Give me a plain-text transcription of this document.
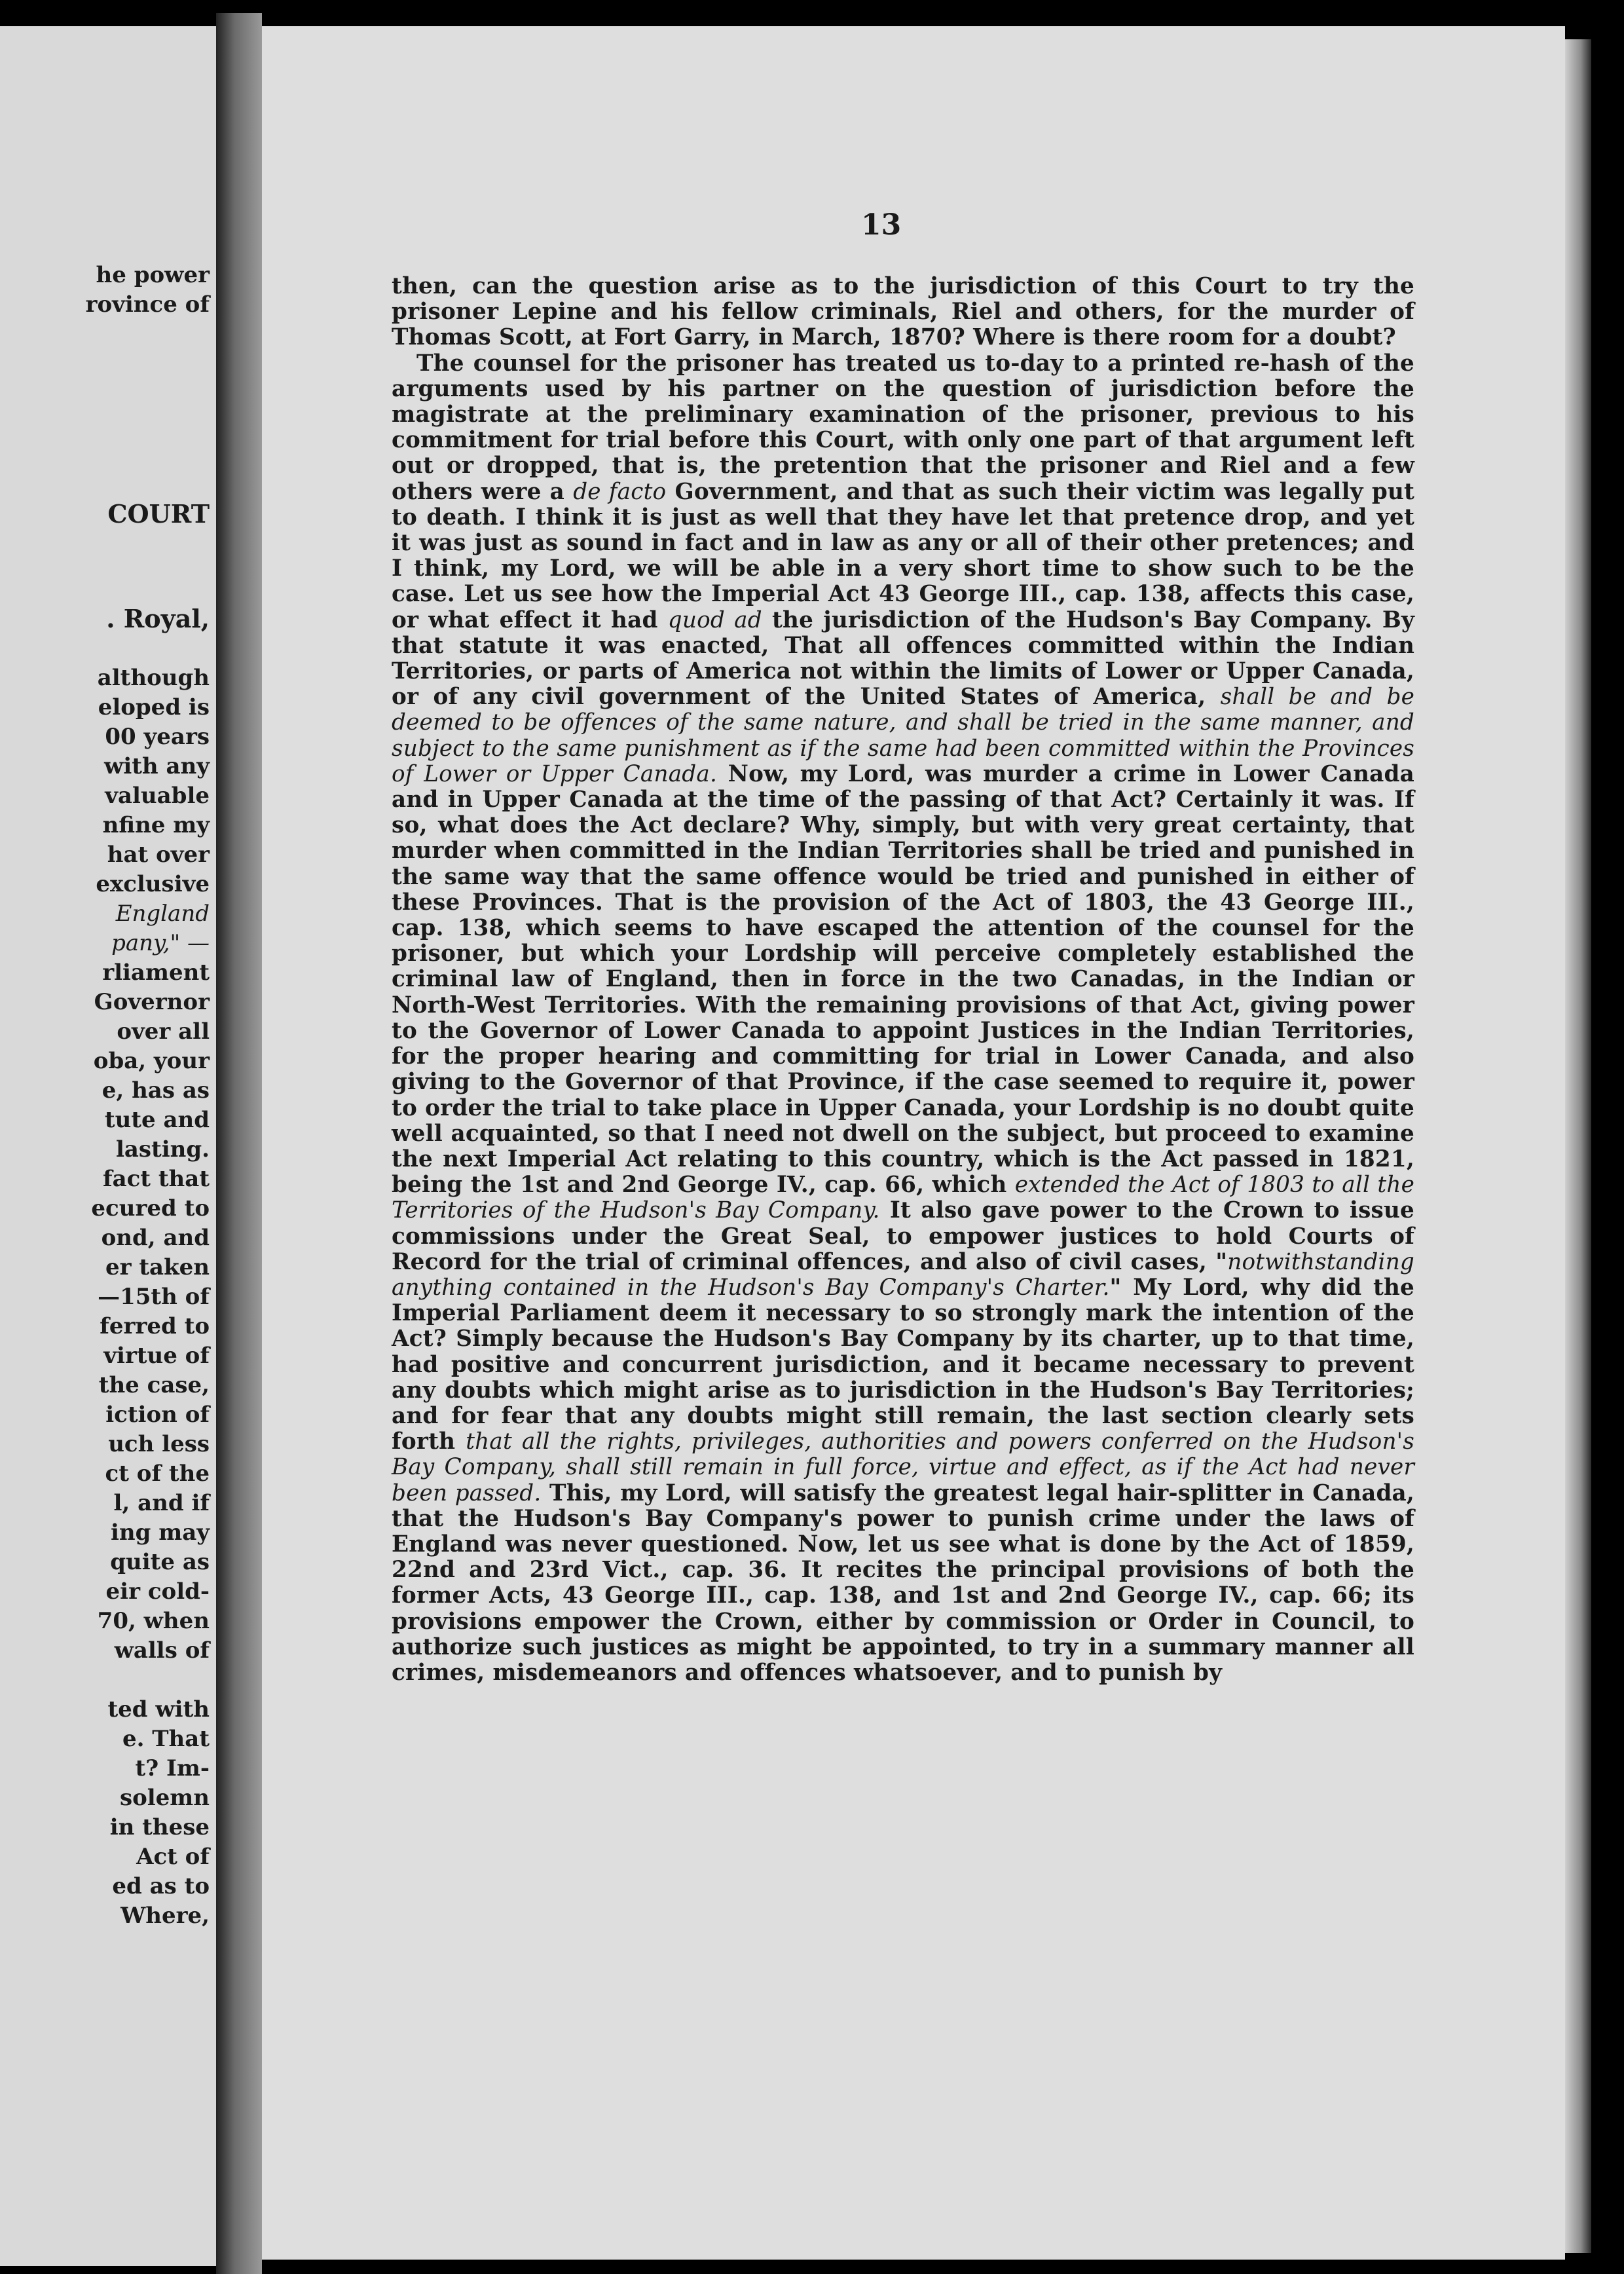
he power
rovince of
COURT
. Royal,
although
eloped is
00 years
with any
valuable
nfine my
hat over
exclusive
England
pany," —
rliament
Governor
over all
oba, your
e, has as
tute and
lasting.
fact that
ecured to
ond, and
er taken
—15th of
ferred to
virtue of
the case,
iction of
uch less
ct of the
l, and if
ing may
quite as
eir cold-
70, when
walls of
ted with
e. That
t? Im-
solemn
in these
Act of
ed as to
Where,
13

then, can the question arise as to the jurisdiction of this Court to try the prisoner Lepine and his fellow criminals, Riel and others, for the murder of Thomas Scott, at Fort Garry, in March, 1870? Where is there room for a doubt?

The counsel for the prisoner has treated us to-day to a printed re-hash of the arguments used by his partner on the question of jurisdiction before the magistrate at the preliminary examination of the prisoner, previous to his commitment for trial before this Court, with only one part of that argument left out or dropped, that is, the pretention that the prisoner and Riel and a few others were a de facto Government, and that as such their victim was legally put to death. I think it is just as well that they have let that pretence drop, and yet it was just as sound in fact and in law as any or all of their other pretences; and I think, my Lord, we will be able in a very short time to show such to be the case. Let us see how the Imperial Act 43 George III., cap. 138, affects this case, or what effect it had quod ad the jurisdiction of the Hudson's Bay Company. By that statute it was enacted, That all offences committed within the Indian Territories, or parts of America not within the limits of Lower or Upper Canada, or of any civil government of the United States of America, shall be and be deemed to be offences of the same nature, and shall be tried in the same manner, and subject to the same punishment as if the same had been committed within the Provinces of Lower or Upper Canada. Now, my Lord, was murder a crime in Lower Canada and in Upper Canada at the time of the passing of that Act? Certainly it was. If so, what does the Act declare? Why, simply, but with very great certainty, that murder when committed in the Indian Territories shall be tried and punished in the same way that the same offence would be tried and punished in either of these Provinces. That is the provision of the Act of 1803, the 43 George III., cap. 138, which seems to have escaped the attention of the counsel for the prisoner, but which your Lordship will perceive completely established the criminal law of England, then in force in the two Canadas, in the Indian or North-West Territories. With the remaining provisions of that Act, giving power to the Governor of Lower Canada to appoint Justices in the Indian Territories, for the proper hearing and committing for trial in Lower Canada, and also giving to the Governor of that Province, if the case seemed to require it, power to order the trial to take place in Upper Canada, your Lordship is no doubt quite well acquainted, so that I need not dwell on the subject, but proceed to examine the next Imperial Act relating to this country, which is the Act passed in 1821, being the 1st and 2nd George IV., cap. 66, which extended the Act of 1803 to all the Territories of the Hudson's Bay Company. It also gave power to the Crown to issue commissions under the Great Seal, to empower justices to hold Courts of Record for the trial of criminal offences, and also of civil cases, "notwithstanding anything contained in the Hudson's Bay Company's Charter." My Lord, why did the Imperial Parliament deem it necessary to so strongly mark the intention of the Act? Simply because the Hudson's Bay Company by its charter, up to that time, had positive and concurrent jurisdiction, and it became necessary to prevent any doubts which might arise as to jurisdiction in the Hudson's Bay Territories; and for fear that any doubts might still remain, the last section clearly sets forth that all the rights, privileges, authorities and powers conferred on the Hudson's Bay Company, shall still remain in full force, virtue and effect, as if the Act had never been passed. This, my Lord, will satisfy the greatest legal hair-splitter in Canada, that the Hudson's Bay Company's power to punish crime under the laws of England was never questioned. Now, let us see what is done by the Act of 1859, 22nd and 23rd Vict., cap. 36. It recites the principal provisions of both the former Acts, 43 George III., cap. 138, and 1st and 2nd George IV., cap. 66; its provisions empower the Crown, either by commission or Order in Council, to authorize such justices as might be appointed, to try in a summary manner all crimes, misdemeanors and offences whatsoever, and to punish by
